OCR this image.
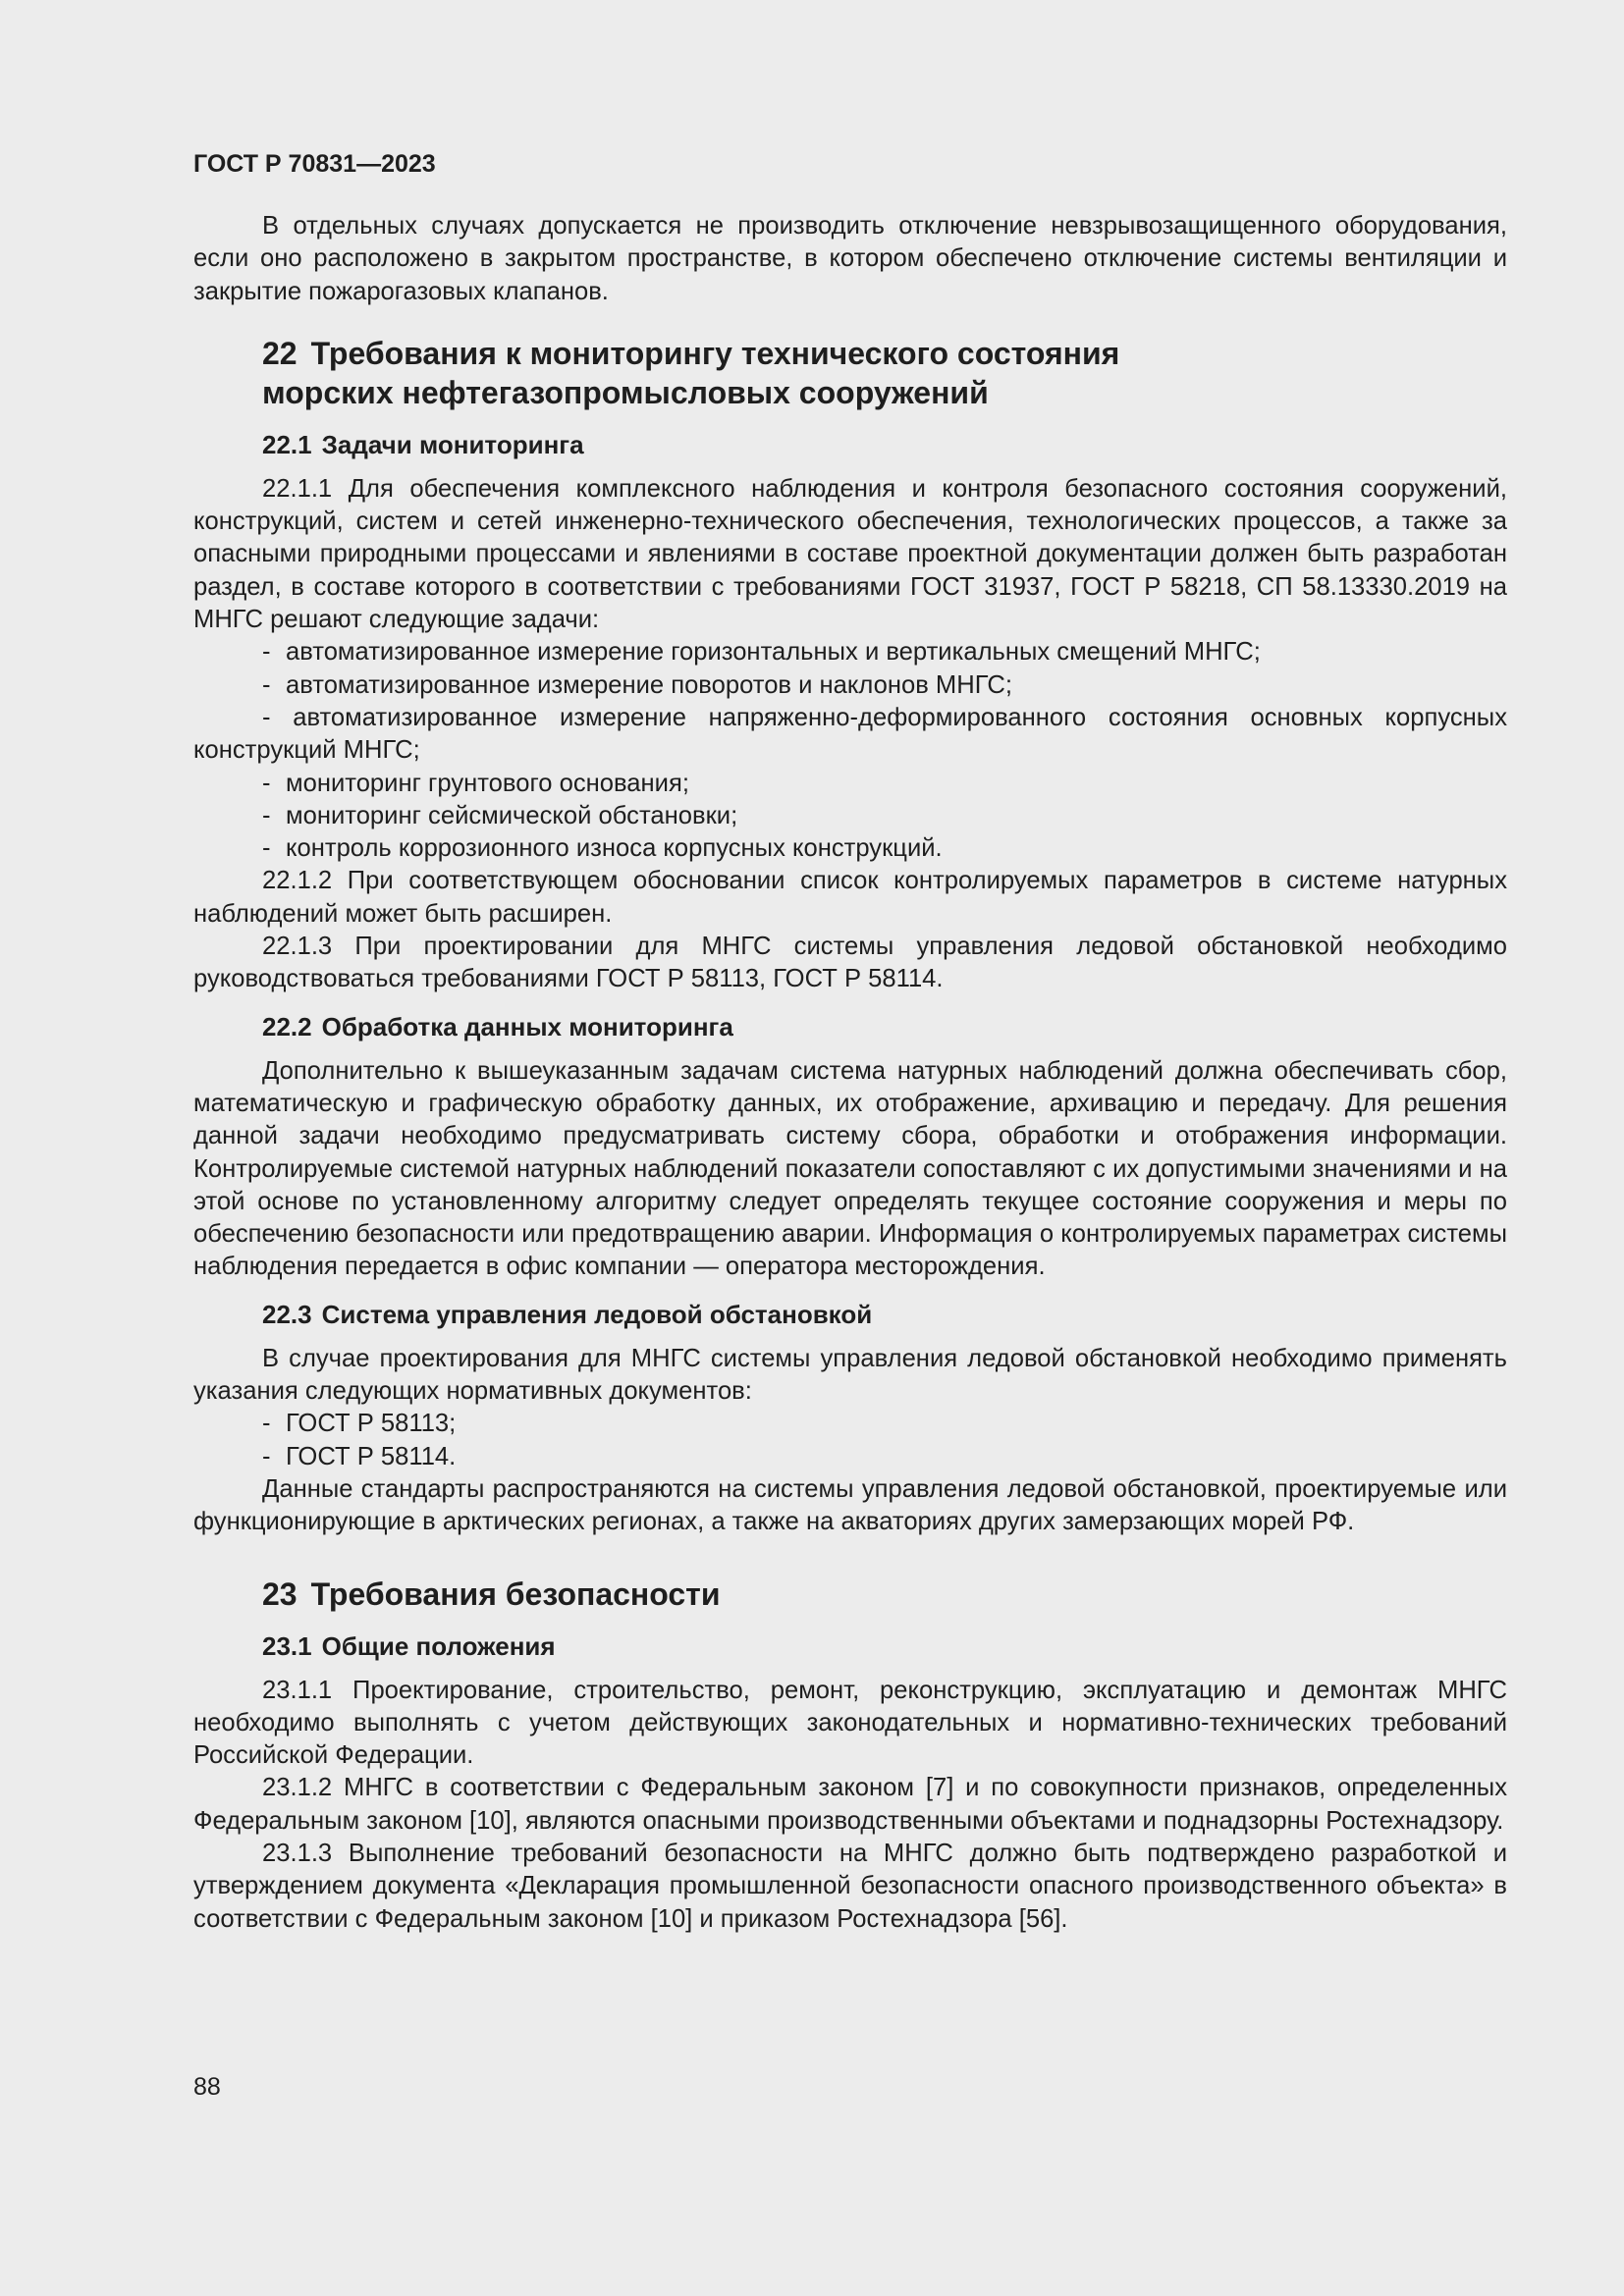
ГОСТ Р 70831—2023

В отдельных случаях допускается не производить отключение невзрывозащищенного оборудования, если оно расположено в закрытом пространстве, в котором обеспечено отключение системы вентиляции и закрытие пожарогазовых клапанов.

22 Требования к мониторингу технического состояния
морских нефтегазопромысловых сооружений
22.1 Задачи мониторинга

22.1.1 Для обеспечения комплексного наблюдения и контроля безопасного состояния сооружений, конструкций, систем и сетей инженерно-технического обеспечения, технологических процессов, а также за опасными природными процессами и явлениями в составе проектной документации должен быть разработан раздел, в составе которого в соответствии с требованиями ГОСТ 31937, ГОСТ Р 58218, СП 58.13330.2019 на МНГС решают следующие задачи:

- автоматизированное измерение горизонтальных и вертикальных смещений МНГС;
- автоматизированное измерение поворотов и наклонов МНГС;

- автоматизированное измерение напряженно-деформированного состояния основных корпусных конструкций МНГС;

- мониторинг грунтового основания;
- мониторинг сейсмической обстановки;
- контроль коррозионного износа корпусных конструкций.

22.1.2 При соответствующем обосновании список контролируемых параметров в системе натурных наблюдений может быть расширен.

22.1.3 При проектировании для МНГС системы управления ледовой обстановкой необходимо руководствоваться требованиями ГОСТ Р 58113, ГОСТ Р 58114.

22.2 Обработка данных мониторинга

Дополнительно к вышеуказанным задачам система натурных наблюдений должна обеспечивать сбор, математическую и графическую обработку данных, их отображение, архивацию и передачу. Для решения данной задачи необходимо предусматривать систему сбора, обработки и отображения информации. Контролируемые системой натурных наблюдений показатели сопоставляют с их допустимыми значениями и на этой основе по установленному алгоритму следует определять текущее состояние сооружения и меры по обеспечению безопасности или предотвращению аварии. Информация о контролируемых параметрах системы наблюдения передается в офис компании — оператора месторождения.

22.3 Система управления ледовой обстановкой

В случае проектирования для МНГС системы управления ледовой обстановкой необходимо применять указания следующих нормативных документов:

- ГОСТ Р 58113;
- ГОСТ Р 58114.

Данные стандарты распространяются на системы управления ледовой обстановкой, проектируемые или функционирующие в арктических регионах, а также на акваториях других замерзающих морей РФ.

23 Требования безопасности
23.1 Общие положения

23.1.1 Проектирование, строительство, ремонт, реконструкцию, эксплуатацию и демонтаж МНГС необходимо выполнять с учетом действующих законодательных и нормативно-технических требований Российской Федерации.

23.1.2 МНГС в соответствии с Федеральным законом [7] и по совокупности признаков, определенных Федеральным законом [10], являются опасными производственными объектами и поднадзорны Ростехнадзору.

23.1.3 Выполнение требований безопасности на МНГС должно быть подтверждено разработкой и утверждением документа «Декларация промышленной безопасности опасного производственного объекта» в соответствии с Федеральным законом [10] и приказом Ростехнадзора [56].

88
